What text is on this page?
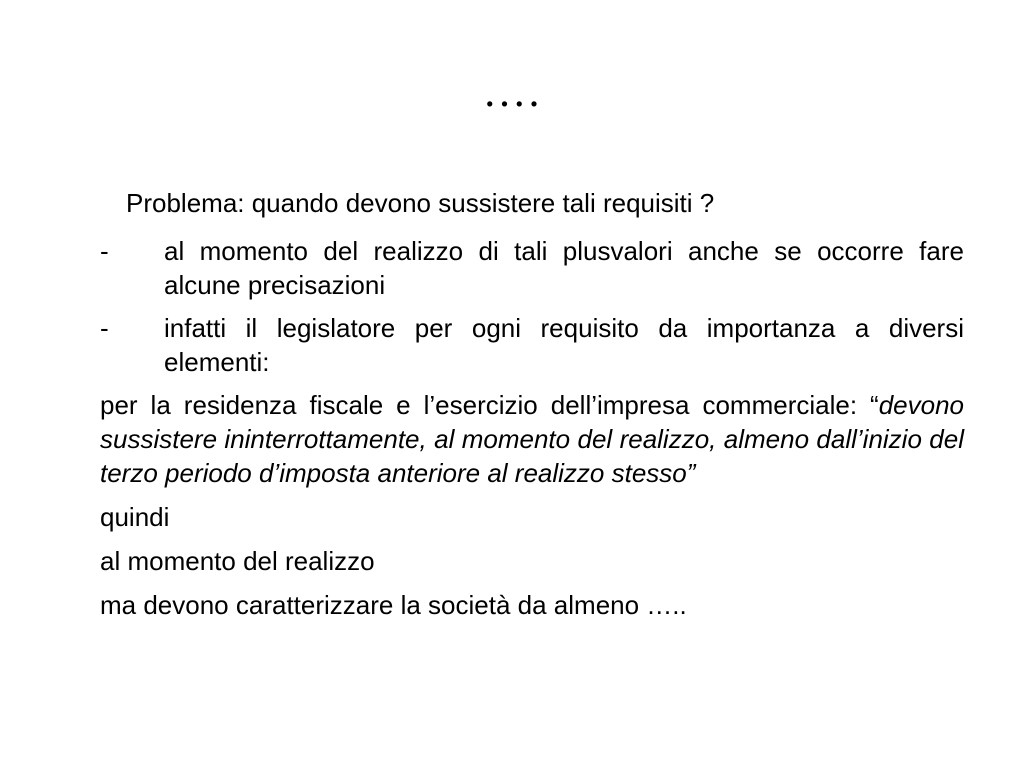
….
Problema: quando devono sussistere tali requisiti ?
- al momento del realizzo di tali plusvalori anche se occorre fare alcune precisazioni
- infatti il legislatore per ogni requisito da importanza a diversi elementi:
per la residenza fiscale e l’esercizio dell’impresa commerciale: “devono sussistere ininterrottamente, al momento del realizzo, almeno dall’inizio del terzo periodo d’imposta anteriore al realizzo stesso”
quindi
al momento del realizzo
ma devono caratterizzare la società da almeno …..
